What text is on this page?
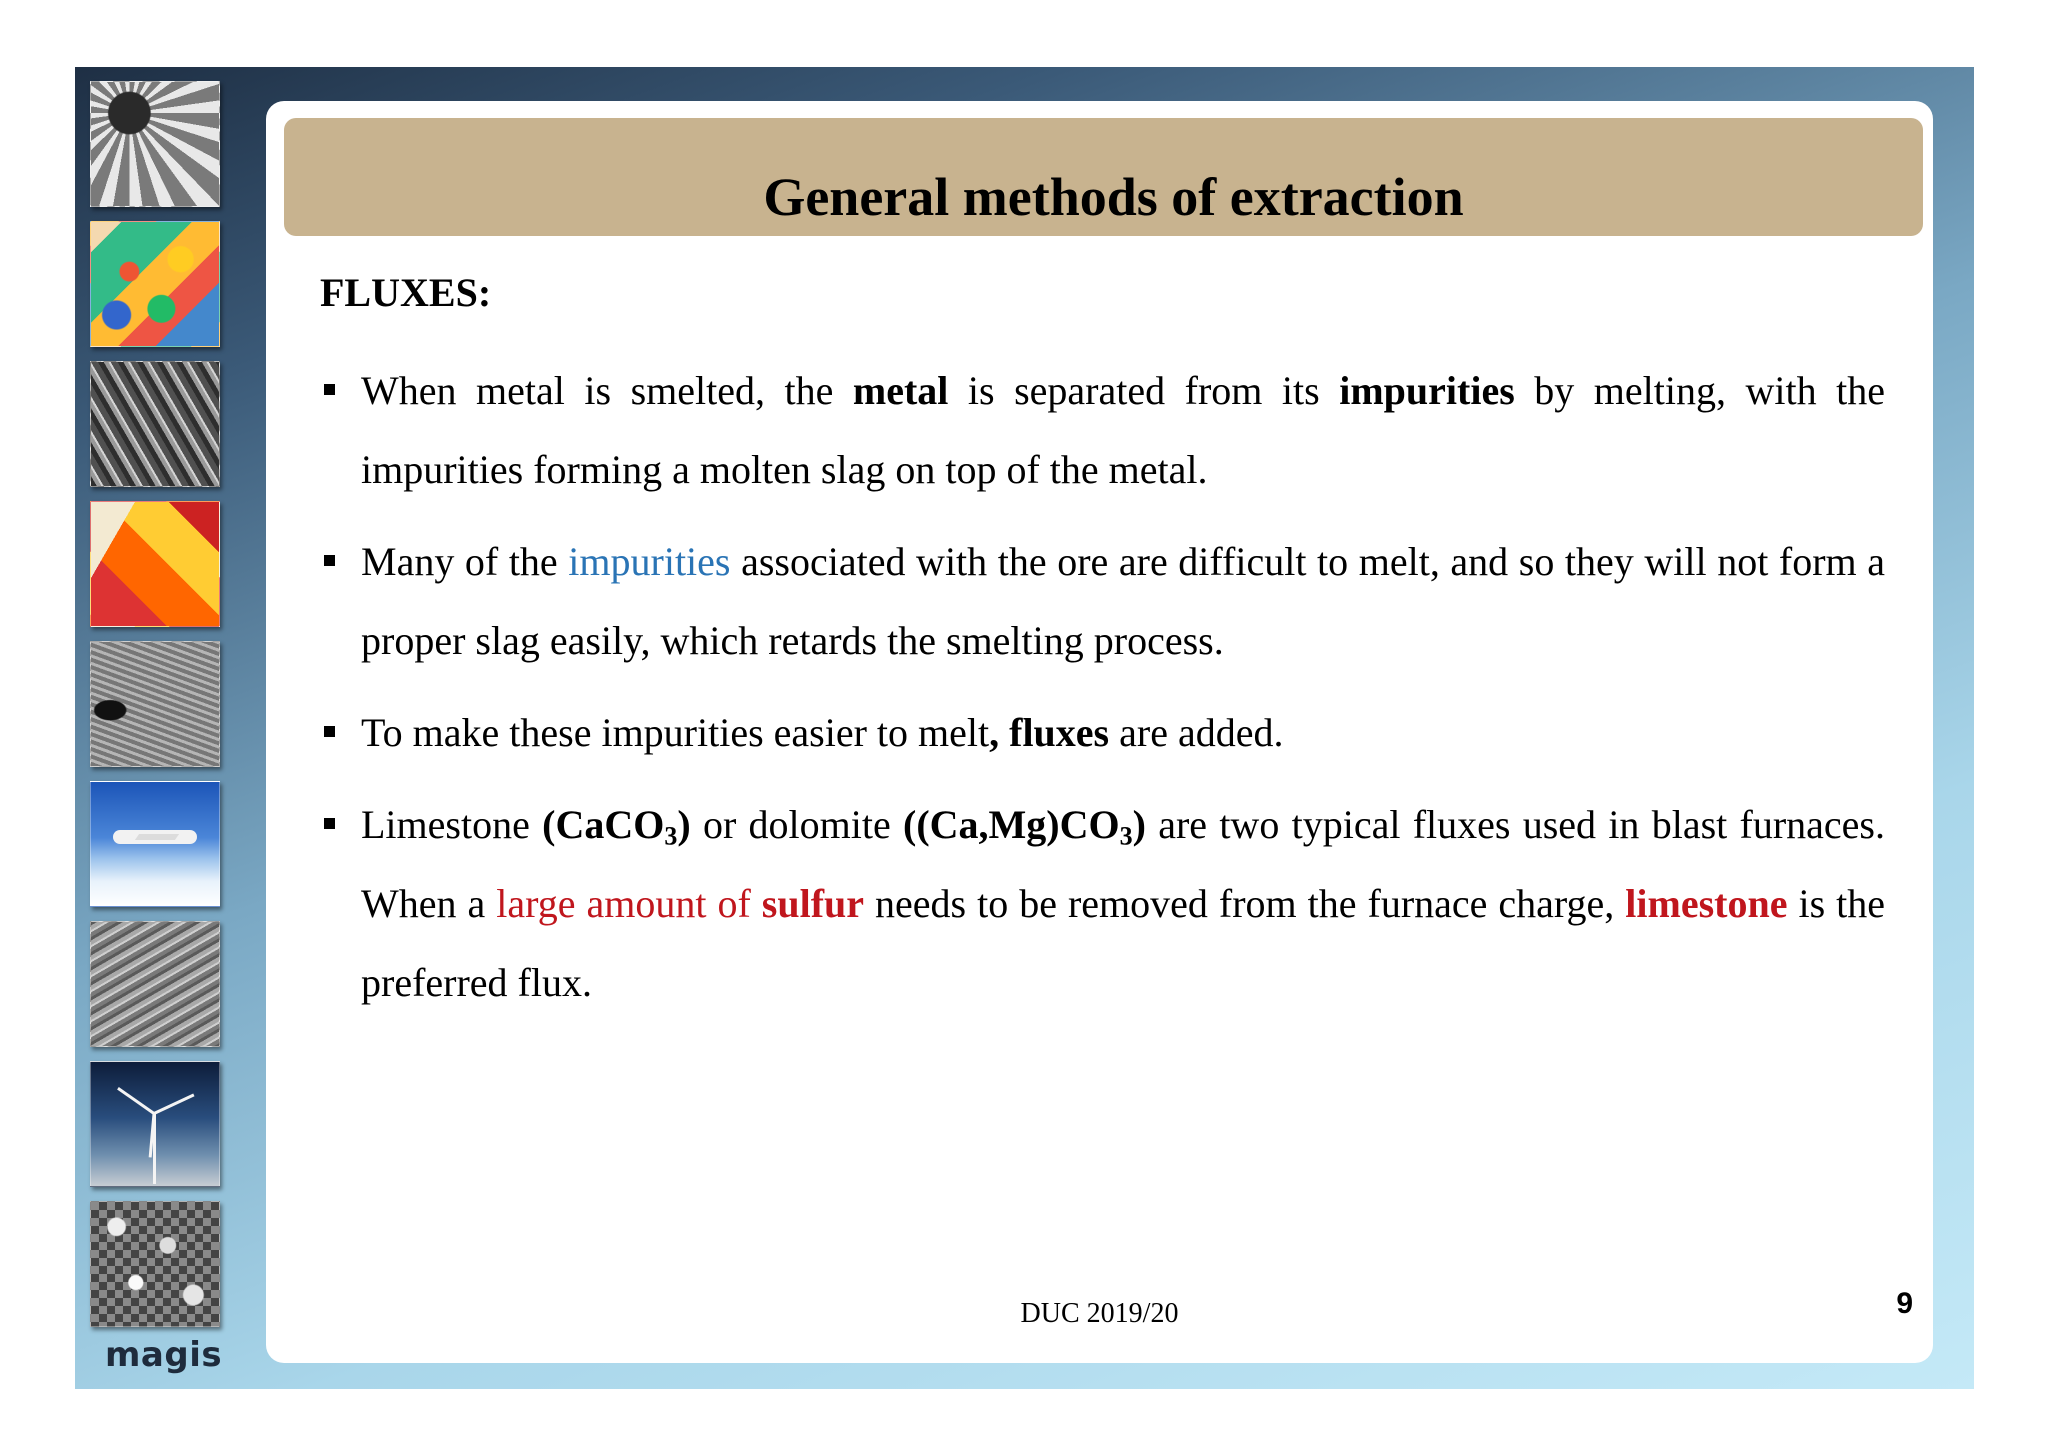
magis
General methods of extraction
FLUXES:
When metal is smelted, the metal is separated from its impurities by melting, with the impurities forming a molten slag on top of the metal.
Many of the impurities associated with the ore are difficult to melt, and so they will not form a proper slag easily, which retards the smelting process.
To make these impurities easier to melt, fluxes are added.
Limestone (CaCO$_3$) or dolomite $((Ca,Mg)CO_3)$ are two typical fluxes used in blast furnaces. When a large amount of sulfur needs to be removed from the furnace charge, limestone is the preferred flux.
DUC 2019/20	9
